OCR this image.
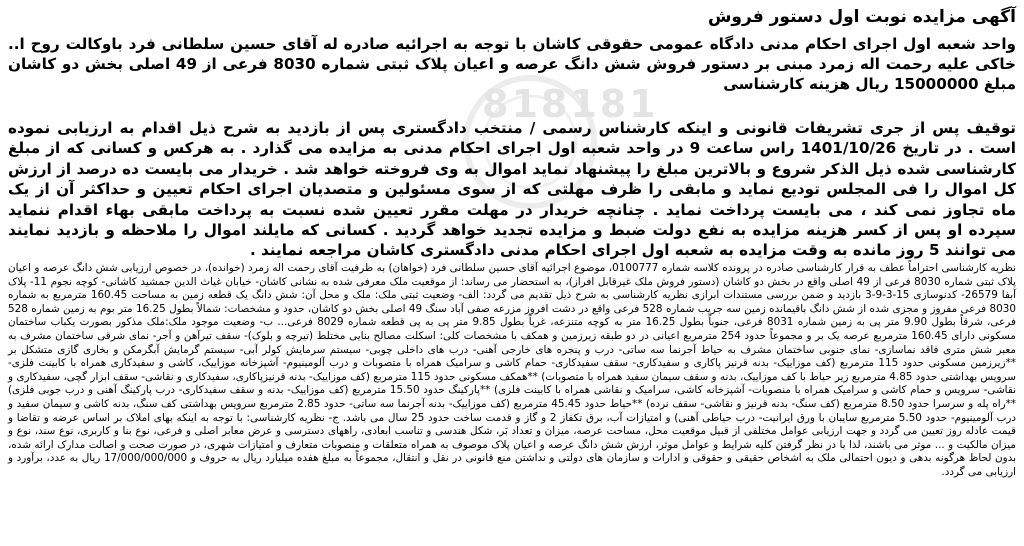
818181
آگهی مزایده نوبت اول دستور فروش
واحد شعبه اول اجرای احکام مدنی دادگاه عمومی حقوقی کاشان با توجه به اجرائیه صادره له آقای حسین سلطانی فرد باوکالت روح ا.. خاکی علیه رحمت اله زمرد مبنی بر دستور فروش شش دانگ عرصه و اعیان پلاک ثبتی شماره 8030 فرعی از 49 اصلی بخش دو کاشان مبلغ 15000000 ریال هزینه کارشناسی
توقیف پس از جری تشریفات قانونی و اینکه کارشناس رسمی / منتخب دادگستری پس از بازدید به شرح ذیل اقدام به ارزیابی نموده است . در تاریخ 1401/10/26 راس ساعت 9 در واحد شعبه اول اجرای احکام مدنی به مزایده می گذارد . به هرکس و کسانی که از مبلغ کارشناسی شده ذیل الذکر شروع و بالاترین مبلغ را پیشنهاد نماید اموال به وی فروخته خواهد شد . خریدار می بایست ده درصد از ارزش کل اموال را فی المجلس تودیع نماید و مابقی را ظرف مهلتی که از سوی مسئولین و متصدیان اجرای احکام تعیین و حداکثر آن از یک ماه تجاوز نمی کند ، می بایست پرداخت نماید . چنانچه خریدار در مهلت مقرر تعیین شده نسبت به پرداخت مابقی بهاء اقدام ننماید سپرده او پس از کسر هزینه مزایده به نفع دولت ضبط و مزایده تجدید خواهد گردید . کسانی که مایلند اموال را ملاحظه و بازدید نمایند می توانند 5 روز مانده به وقت مزایده به شعبه اول اجرای احکام مدنی دادگستری کاشان مراجعه نمایند .
نظریه کارشناسی احتراماً عطف به قرار کارشناسی صادره در پرونده کلاسه شماره 0100777، موضوع اجرائیه آقای حسین سلطانی فرد (خواهان) به طرفیت آقای رحمت اله زمرد (خوانده)، در خصوص ارزیابی شش دانگ عرصه و اعیان پلاک ثبتی شماره 8030 فرعی از 49 اصلی واقع در بخش دو کاشان (دستور فروش ملک غیرقابل افراز)، به استحضار می رساند: از موقعیت ملک معرفی شده به نشانی کاشان- خیابان غیاث الدین جمشید کاشانی- کوچه نجوم 11- پلاک آبفا 26579- کدنوسازی 15-3-9-3 بازدید و ضمن بررسی مستندات ابرازی نظریه کارشناسی به شرح ذیل تقدیم می گردد: الف- وضعیت ثبتی ملک: ملک و محل آن: شش دانگ یک قطعه زمین به مساحت 160.45 مترمربع به شماره 8030 فرعی مفروز و مجزی شده از شش دانگ باقیمانده زمین سه جریب شماره 528 فرعی واقع در دشت افروز مزرعه صفی آباد سنگ 49 اصلی بخش دو کاشان، حدود و مشخصات: شمالاً بطول 16.25 متر بوم به زمین شماره 528 فرعی، شرقاً بطول 9.90 متر پی به زمین شماره 8031 فرعی، جنوباً بطول 16.25 متر به کوچه متنزعه، غرباً بطول 9.85 متر پی به پی قطعه شماره 8029 فرعی... ب- وضعیت موجود ملک:ملک مذکور بصورت یکباب ساختمان مسکونی دارای 160.45 مترمربع عرصه یک بر و مجموعاً حدود 254 مترمربع اعیانی در دو طبقه زیرزمین و همکف با مشخصات کلی: اسکلت مصالح بنایی مختلط (تیرچه و بلوک)- سقف تیرآهن و آجر- نمای شرقی ساختمان مشرف به معبر شش متری فاقد نماسازی- نمای جنوبی ساختمان مشرف به حیاط آجرنما سه ساتی- درب و پنجره های خارجی آهنی- درب های داخلی چوبی- سیستم سرمایش کولر آبی- سیستم گرمایش آبگرمکن و بخاری گازی متشکل بر **زیرزمین مسکونی حدود 115 مترمربع (کف موزاییک- بدنه قرنیز پاکاری و سفیدکاری- سقف سفیدکاری- حمام کاشی و سرامیک همراه با متصوبات و درب آلومینیوم- آشپزخانه موزاییک، کاشی و سفیدکاری همراه با کابینت فلزی- سرویس بهداشتی حدود 4.85 مترمربع زیر حیاط با کف موزاییک، بدنه و سقف سیمان سفید همراه با متصوبات) **همکف مسکونی حدود 115 مترمربع (کف موزاییک- بدنه قرنیزپاکاری، سفیدکاری و نقاشی- سقف ابزار گچی، سفیدکاری و نقاشی- سرویس و حمام کاشی و سرامیک همراه با منصوبات- آشپزخانه کاشی، سرامیک و نقاشی همراه با کابینت فلزی) **پارکینگ حدود 15.50 مترمربع (کف موزاییک- بدنه و سقف سفیدکاری- درب پارکینگ آهنی و درب جوبی فلزی) **راه پله و سرسرا حدود 8.50 مترمربع (کف سنگ- بدنه قرنیز و نقاشی- سقف نرده) **حیاط حدود 45.45 مترمربع (کف موزاییک- بدنه آجرنما سه ساتی- حدود 2.85 مترمربع سرویس بهداشتی کف سنگ، بدنه کاشی و سیمان سفید و درب آلومینیوم- حدود 5.50 مترمربع سایبان با ورق ایرانیت- درب حیاطی آهنی) و امتیازات آب، برق تکفاز 2 و گاز و قدمت ساخت حدود 25 سال می باشد. ج- نظریه کارشناسی: با توجه به اینکه بهای املاک بر اساس عرضه و تقاضا و قیمت عادله روز تعیین می گردد و جهت ارزیابی عوامل مختلفی از قبیل موقعیت محل، مساحت عرصه، میزان و تعداد بَر، شکل هندسی و تناسب ابعادی، راههای دسترسی و عرض معابر اصلی و فرعی، نوع بنا و کاربری، نوع سند، نوع و میزان مالکیت و ... موثر می باشند، لذا با در نظر گرفتن کلیه شرایط و عوامل موثر، ارزش شش دانگ عرصه و اعیان پلاک موصوف به همراه متعلقات و منصوبات متعارف و امتیازات شهری، در صورت صحت و اصالت مدارک ارائه شده، بدون لحاظ هرگونه بدهی و دیون احتمالی ملک به اشخاص حقیقی و حقوقی و ادارات و سازمان های دولتی و نداشتن منع قانونی در نقل و انتقال، مجموعاً به مبلغ هفده میلیارد ریال به حروف و 17/000/000/000 ریال به عدد، برآورد و ارزیابی می گردد.
